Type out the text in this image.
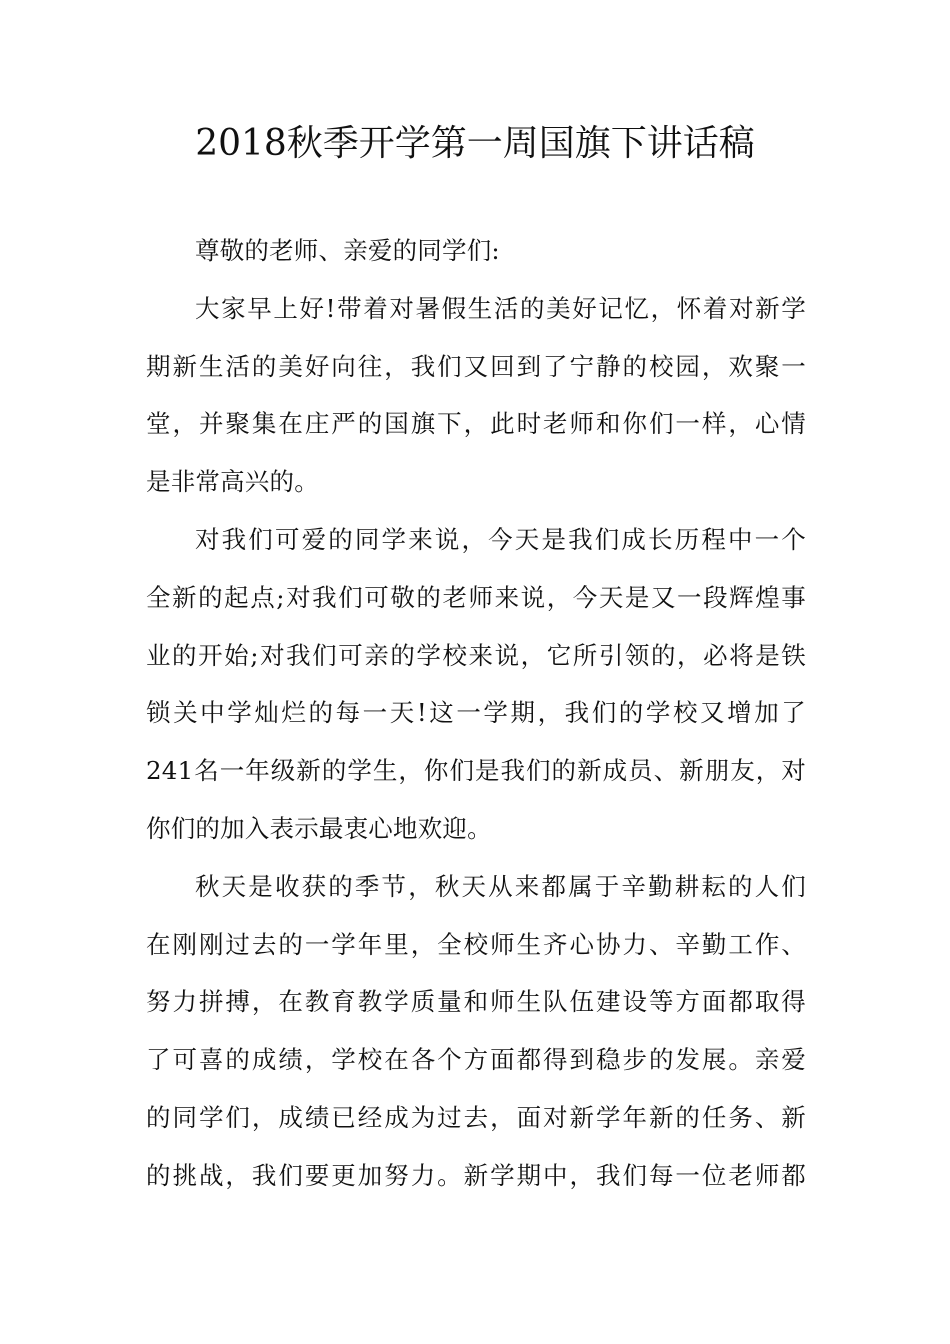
2018秋季开学第一周国旗下讲话稿

尊敬的老师、亲爱的同学们:

大家早上好!带着对暑假生活的美好记忆，怀着对新学
期新生活的美好向往，我们又回到了宁静的校园，欢聚一
堂，并聚集在庄严的国旗下，此时老师和你们一样，心情
是非常高兴的。

对我们可爱的同学来说，今天是我们成长历程中一个
全新的起点;对我们可敬的老师来说，今天是又一段辉煌事
业的开始;对我们可亲的学校来说，它所引领的，必将是铁
锁关中学灿烂的每一天!这一学期，我们的学校又增加了
241名一年级新的学生，你们是我们的新成员、新朋友，对
你们的加入表示最衷心地欢迎。

秋天是收获的季节，秋天从来都属于辛勤耕耘的人们
在刚刚过去的一学年里，全校师生齐心协力、辛勤工作、
努力拼搏，在教育教学质量和师生队伍建设等方面都取得
了可喜的成绩，学校在各个方面都得到稳步的发展。亲爱
的同学们，成绩已经成为过去，面对新学年新的任务、新
的挑战，我们要更加努力。新学期中，我们每一位老师都
